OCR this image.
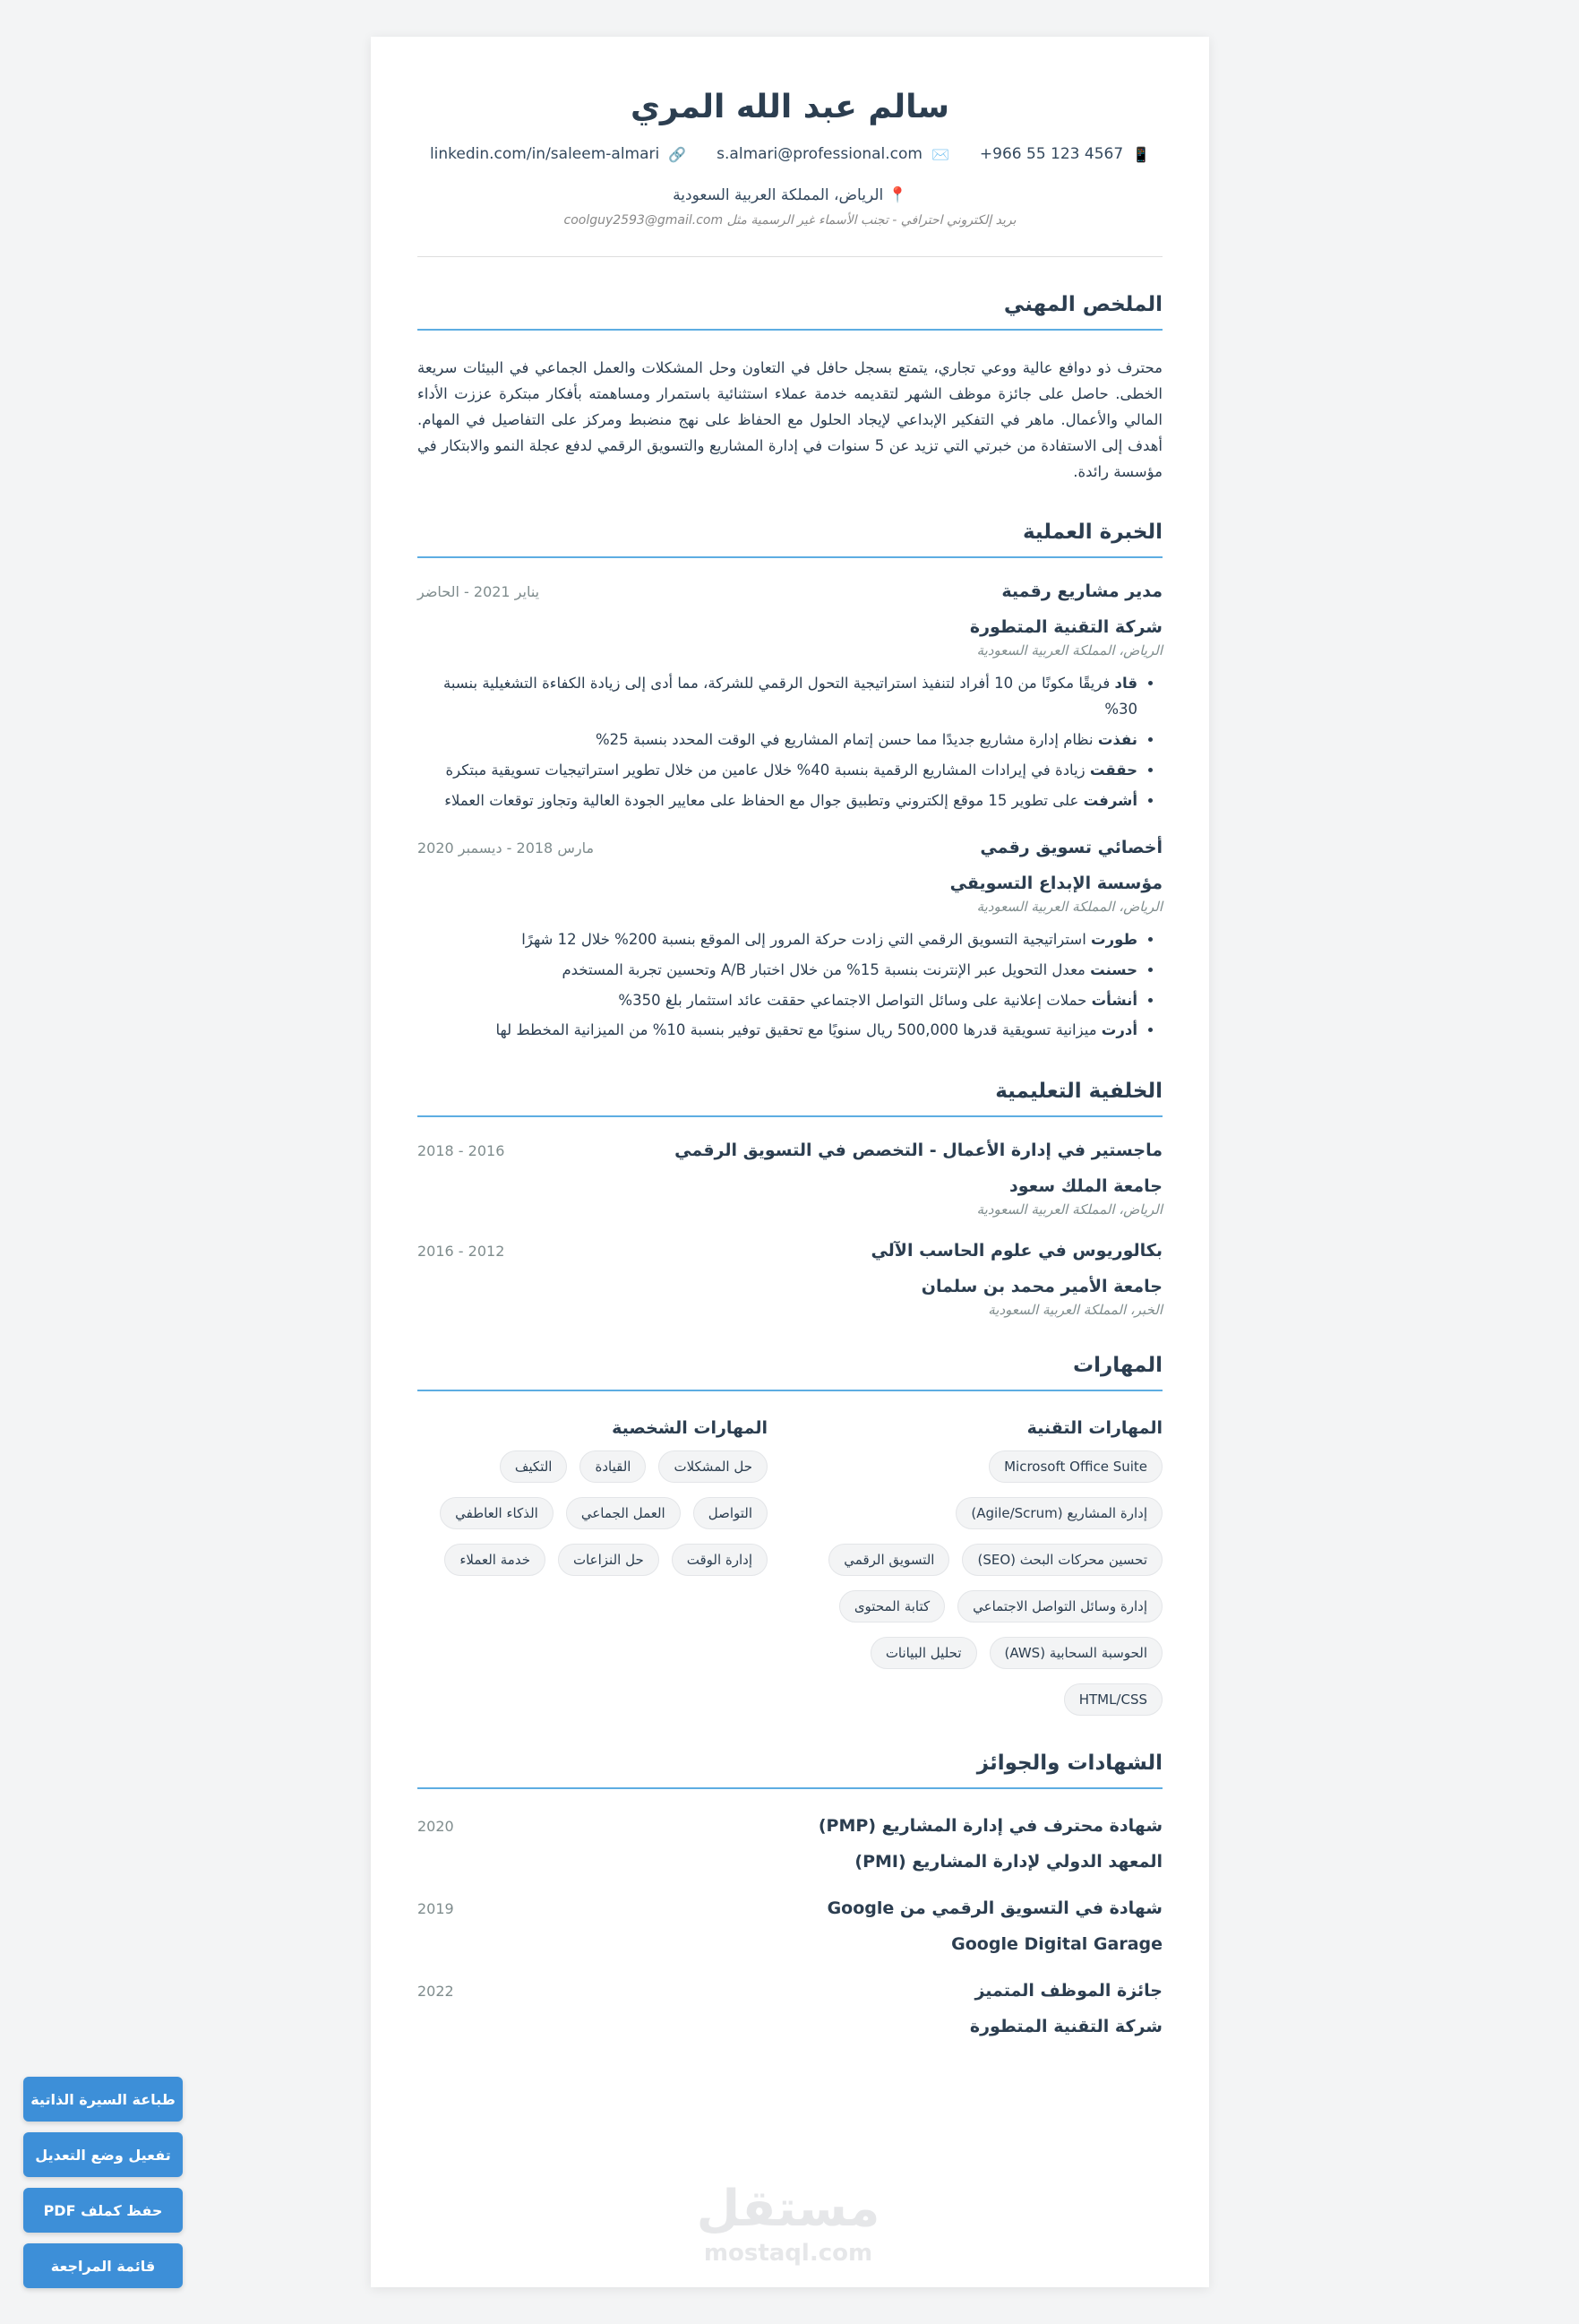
سالم عبد الله المري
📱
+966 55 123 4567
✉️
s.almari@professional.com
🔗
linkedin.com/in/saleem-almari
📍 الرياض، المملكة العربية السعودية
بريد إلكتروني احترافي - تجنب الأسماء غير الرسمية مثل coolguy2593@gmail.com
الملخص المهني
محترف ذو دوافع عالية ووعي تجاري، يتمتع بسجل حافل في التعاون وحل المشكلات والعمل الجماعي في البيئات سريعة الخطى. حاصل على جائزة موظف الشهر لتقديمه خدمة عملاء استثنائية باستمرار ومساهمته بأفكار مبتكرة عززت الأداء المالي والأعمال. ماهر في التفكير الإبداعي لإيجاد الحلول مع الحفاظ على نهج منضبط ومركز على التفاصيل في المهام. أهدف إلى الاستفادة من خبرتي التي تزيد عن 5 سنوات في إدارة المشاريع والتسويق الرقمي لدفع عجلة النمو والابتكار في مؤسسة رائدة.
الخبرة العملية
مدير مشاريع رقمية
يناير 2021 - الحاضر
شركة التقنية المتطورة
الرياض، المملكة العربية السعودية
• قاد فريقًا مكونًا من 10 أفراد لتنفيذ استراتيجية التحول الرقمي للشركة، مما أدى إلى زيادة الكفاءة التشغيلية بنسبة 30%
• نفذت نظام إدارة مشاريع جديدًا مما حسن إتمام المشاريع في الوقت المحدد بنسبة 25%
• حققت زيادة في إيرادات المشاريع الرقمية بنسبة 40% خلال عامين من خلال تطوير استراتيجيات تسويقية مبتكرة
• أشرفت على تطوير 15 موقع إلكتروني وتطبيق جوال مع الحفاظ على معايير الجودة العالية وتجاوز توقعات العملاء
أخصائي تسويق رقمي
مارس 2018 - ديسمبر 2020
مؤسسة الإبداع التسويقي
الرياض، المملكة العربية السعودية
• طورت استراتيجية التسويق الرقمي التي زادت حركة المرور إلى الموقع بنسبة 200% خلال 12 شهرًا
• حسنت معدل التحويل عبر الإنترنت بنسبة 15% من خلال اختبار A/B وتحسين تجربة المستخدم
• أنشأت حملات إعلانية على وسائل التواصل الاجتماعي حققت عائد استثمار بلغ 350%
• أدرت ميزانية تسويقية قدرها 500,000 ريال سنويًا مع تحقيق توفير بنسبة 10% من الميزانية المخطط لها
الخلفية التعليمية
ماجستير في إدارة الأعمال - التخصص في التسويق الرقمي
2016 - 2018
جامعة الملك سعود
الرياض، المملكة العربية السعودية
بكالوريوس في علوم الحاسب الآلي
2012 - 2016
جامعة الأمير محمد بن سلمان
الخبر، المملكة العربية السعودية
المهارات
المهارات التقنية
Microsoft Office Suite
إدارة المشاريع (Agile/Scrum)
تحسين محركات البحث (SEO)
التسويق الرقمي
إدارة وسائل التواصل الاجتماعي
كتابة المحتوى
الحوسبة السحابية (AWS)
تحليل البيانات
HTML/CSS
المهارات الشخصية
حل المشكلات
القيادة
التكيف
التواصل
العمل الجماعي
الذكاء العاطفي
إدارة الوقت
حل النزاعات
خدمة العملاء
الشهادات والجوائز
شهادة محترف في إدارة المشاريع (PMP)
2020
المعهد الدولي لإدارة المشاريع (PMI)
شهادة في التسويق الرقمي من Google
2019
Google Digital Garage
جائزة الموظف المتميز
2022
شركة التقنية المتطورة
مستقل
mostaql.com
طباعة السيرة الذاتية
تفعيل وضع التعديل
حفظ كملف PDF
قائمة المراجعة
